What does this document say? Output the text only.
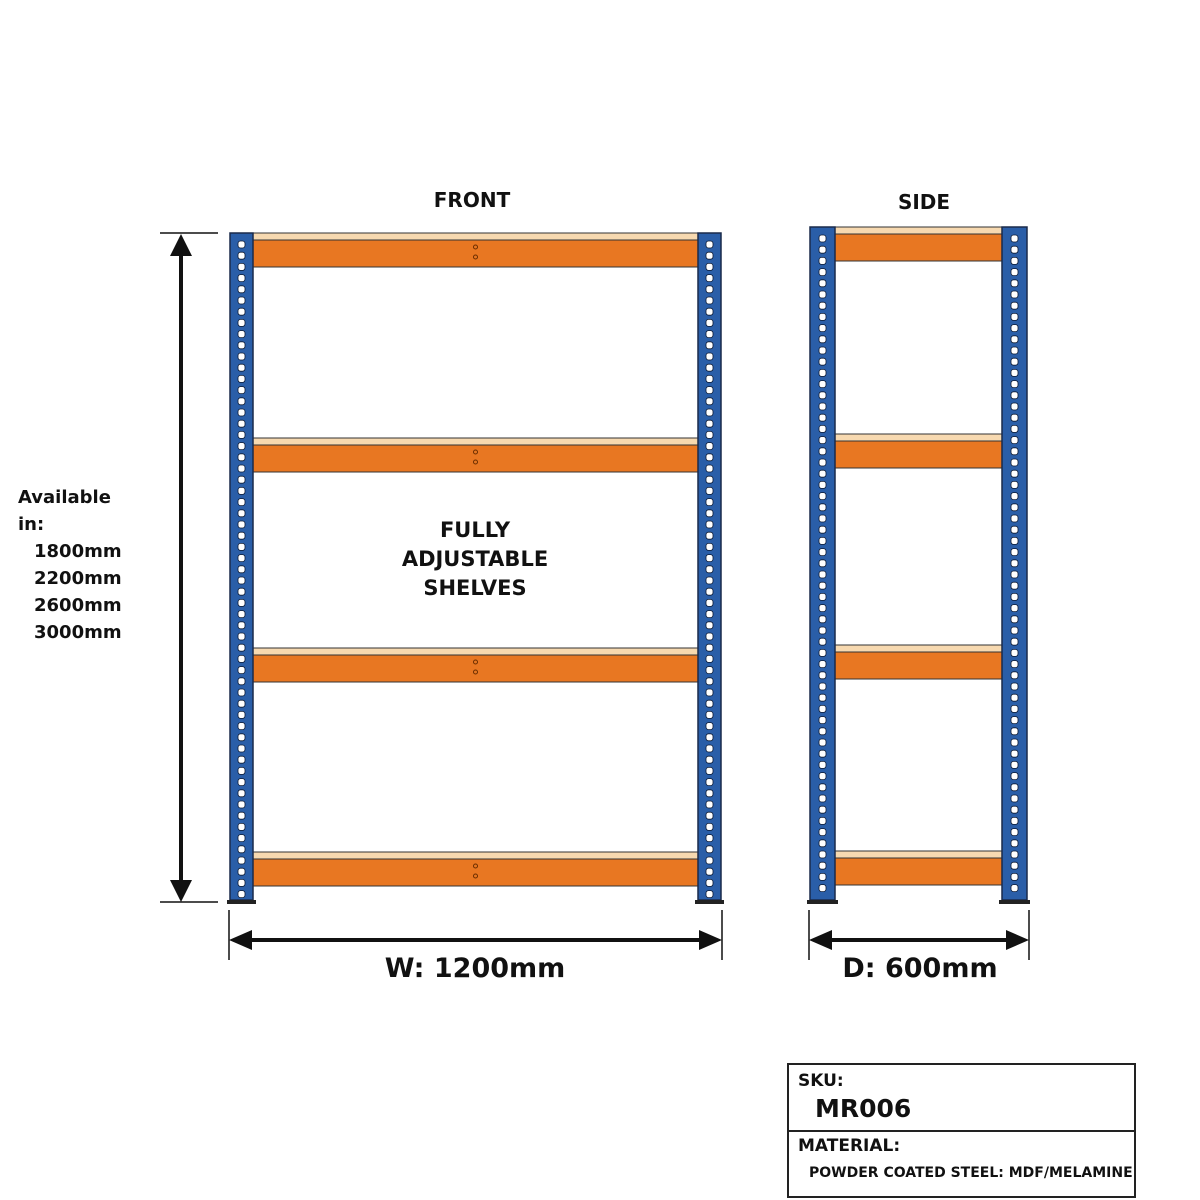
FRONT	SIDE
Available in:
1800mm
2200mm
2600mm
3000mm
FULLY
ADJUSTABLE
SHELVES
W: 1200mm	D: 600mm
SKU:
MR006
MATERIAL:
POWDER COATED STEEL: MDF/MELAMINE
